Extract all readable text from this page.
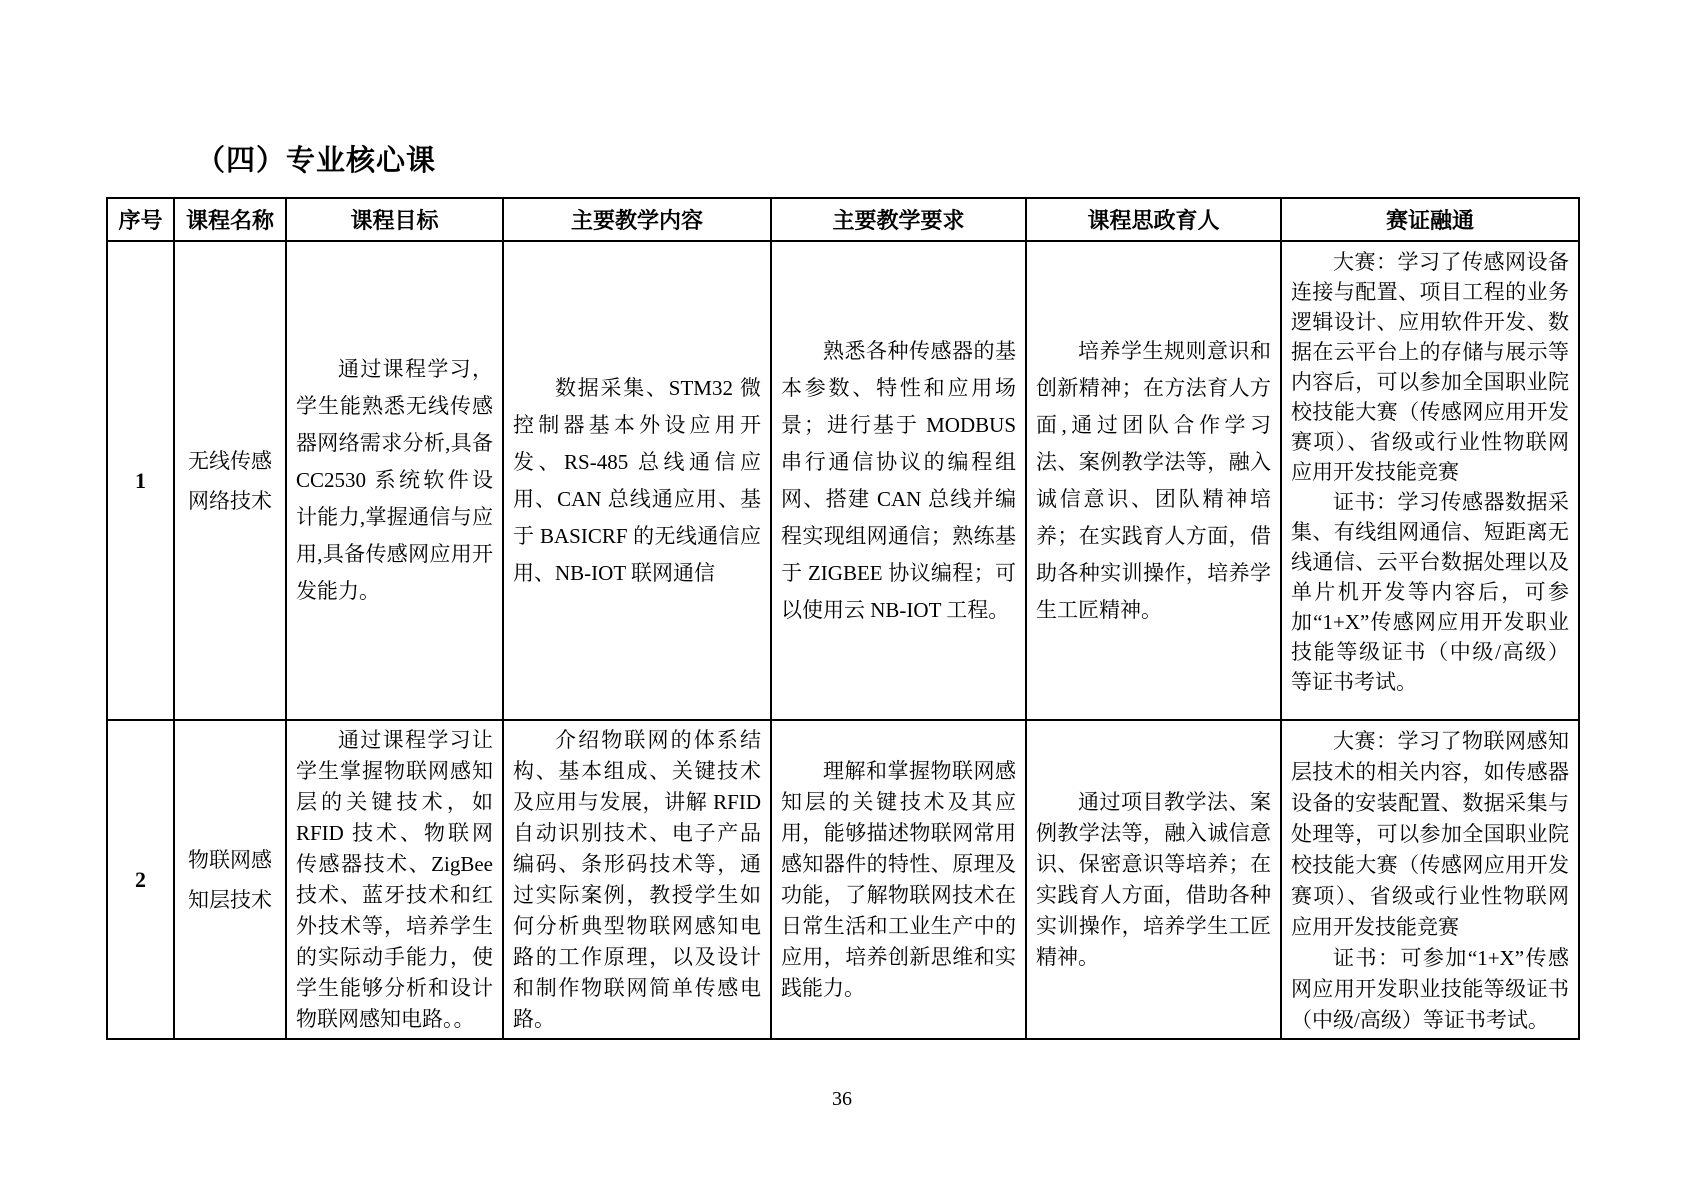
（四）专业核心课
序号	课程名称	课程目标	主要教学内容	主要教学要求	课程思政育人	赛证融通
1	无线传感网络技术	通过课程学习，学生能熟悉无线传感器网络需求分析,具备 CC2530 系统软件设计能力,掌握通信与应用,具备传感网应用开发能力。	数据采集、STM32 微控制器基本外设应用开发、RS-485 总线通信应用、CAN 总线通应用、基于 BASICRF 的无线通信应用、NB-IOT 联网通信	熟悉各种传感器的基本参数、特性和应用场景；进行基于 MODBUS 串行通信协议的编程组网、搭建 CAN 总线并编程实现组网通信；熟练基于 ZIGBEE 协议编程；可以使用云 NB-IOT 工程。	培养学生规则意识和创新精神；在方法育人方面,通过团队合作学习法、案例教学法等，融入诚信意识、团队精神培养；在实践育人方面，借助各种实训操作，培养学生工匠精神。	大赛：学习了传感网设备连接与配置、项目工程的业务逻辑设计、应用软件开发、数据在云平台上的存储与展示等内容后，可以参加全国职业院校技能大赛（传感网应用开发赛项）、省级或行业性物联网应用开发技能竞赛

证书：学习传感器数据采集、有线组网通信、短距离无线通信、云平台数据处理以及单片机开发等内容后，可参加“1+X”传感网应用开发职业技能等级证书（中级/高级）等证书考试。

2	物联网感知层技术	通过课程学习让学生掌握物联网感知层的关键技术，如 RFID 技术、物联网传感器技术、ZigBee 技术、蓝牙技术和红外技术等，培养学生的实际动手能力，使学生能够分析和设计物联网感知电路。。	介绍物联网的体系结构、基本组成、关键技术及应用与发展，讲解 RFID 自动识别技术、电子产品编码、条形码技术等，通过实际案例，教授学生如何分析典型物联网感知电路的工作原理，以及设计和制作物联网简单传感电路。	理解和掌握物联网感知层的关键技术及其应用，能够描述物联网常用感知器件的特性、原理及功能，了解物联网技术在日常生活和工业生产中的应用，培养创新思维和实践能力。	通过项目教学法、案例教学法等，融入诚信意识、保密意识等培养；在实践育人方面，借助各种实训操作，培养学生工匠精神。	大赛：学习了物联网感知层技术的相关内容，如传感器设备的安装配置、数据采集与处理等，可以参加全国职业院校技能大赛（传感网应用开发赛项）、省级或行业性物联网应用开发技能竞赛

证书：可参加“1+X”传感网应用开发职业技能等级证书（中级/高级）等证书考试。

36
